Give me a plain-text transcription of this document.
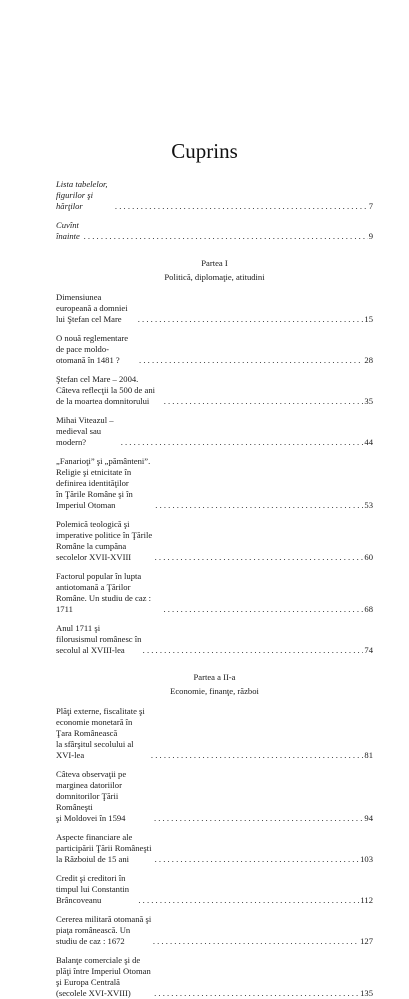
Cuprins
Lista tabelelor, figurilor şi hărţilor . . .	7
Cuvînt înainte . . .	9
Partea I
Politică, diplomaţie, atitudini
Dimensiunea europeană a domniei lui Ştefan cel Mare . . .	15
O nouă reglementare de pace moldo-otomană în 1481 ? . . .	28
Ştefan cel Mare – 2004. Câteva reflecţii la 500 de ani de la moartea domnitorului . . .	35
Mihai Viteazul – medieval sau modern? . . .	44
„Fanarioţi” şi „pământeni”. Religie şi etnicitate în definirea identităţilor
în Ţările Române şi în Imperiul Otoman . . .	53
Polemică teologică şi imperative politice în Ţările Române la cumpăna
secolelor XVII-XVIII . . .	60
Factorul popular în lupta antiotomană a Ţărilor Române. Un studiu de caz : 1711 . . .	68
Anul 1711 şi filorusismul românesc în secolul al XVIII-lea . . .	74
Partea a II-a
Economie, finanţe, război
Plăţi externe, fiscalitate şi economie monetară în Ţara Românească
la sfârşitul secolului al XVI-lea . . .	81
Câteva observaţii pe marginea datoriilor domnitorilor Ţării Româneşti
şi Moldovei în 1594 . . .	94
Aspecte financiare ale participării Ţării Româneşti la Războiul de 15 ani . . .	103
Credit şi creditori în timpul lui Constantin Brâncoveanu . . .	112
Cererea militară otomană şi piaţa românească. Un studiu de caz : 1672 . . .	127
Balanţe comerciale şi de plăţi între Imperiul Otoman şi Europa Centrală
(secolele XVI-XVIII) . . .	135
